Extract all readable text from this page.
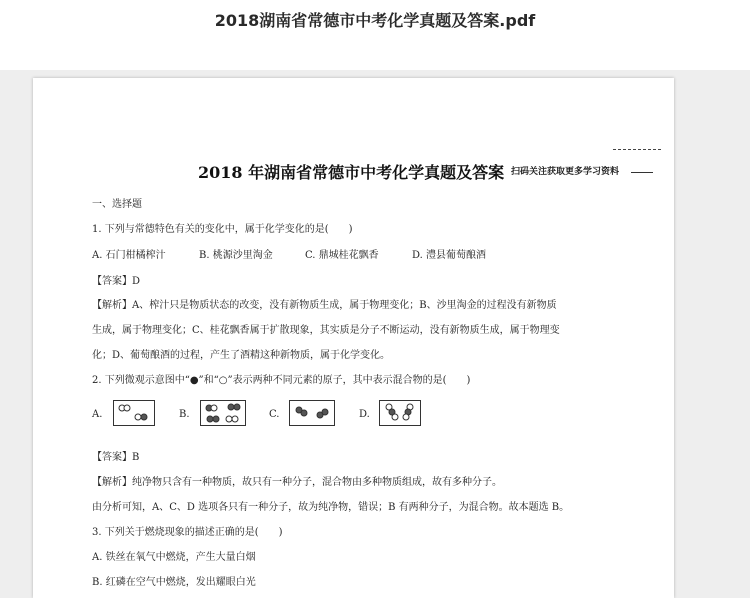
2018湖南省常德市中考化学真题及答案.pdf
2018 年湖南省常德市中考化学真题及答案 扫码关注获取更多学习资料
一、选择题
1. 下列与常德特色有关的变化中，属于化学变化的是(　　)
A. 石门柑橘榨汁	B. 桃源沙里淘金	C. 鼎城桂花飘香	D. 澧县葡萄酿酒
【答案】D
【解析】A、榨汁只是物质状态的改变，没有新物质生成，属于物理变化；B、沙里淘金的过程没有新物质
生成，属于物理变化；C、桂花飘香属于扩散现象，其实质是分子不断运动，没有新物质生成，属于物理变
化；D、葡萄酿酒的过程，产生了酒精这种新物质，属于化学变化。
2. 下列微观示意图中“●”和“○”表示两种不同元素的原子，其中表示混合物的是(　　)
A.	B.	C.	D.
【答案】B
【解析】纯净物只含有一种物质，故只有一种分子，混合物由多种物质组成，故有多种分子。
由分析可知，A、C、D 选项各只有一种分子，故为纯净物，错误；B 有两种分子，为混合物。故本题选 B。
3. 下列关于燃烧现象的描述正确的是(　　)
A. 铁丝在氧气中燃烧，产生大量白烟
B. 红磷在空气中燃烧，发出耀眼白光
